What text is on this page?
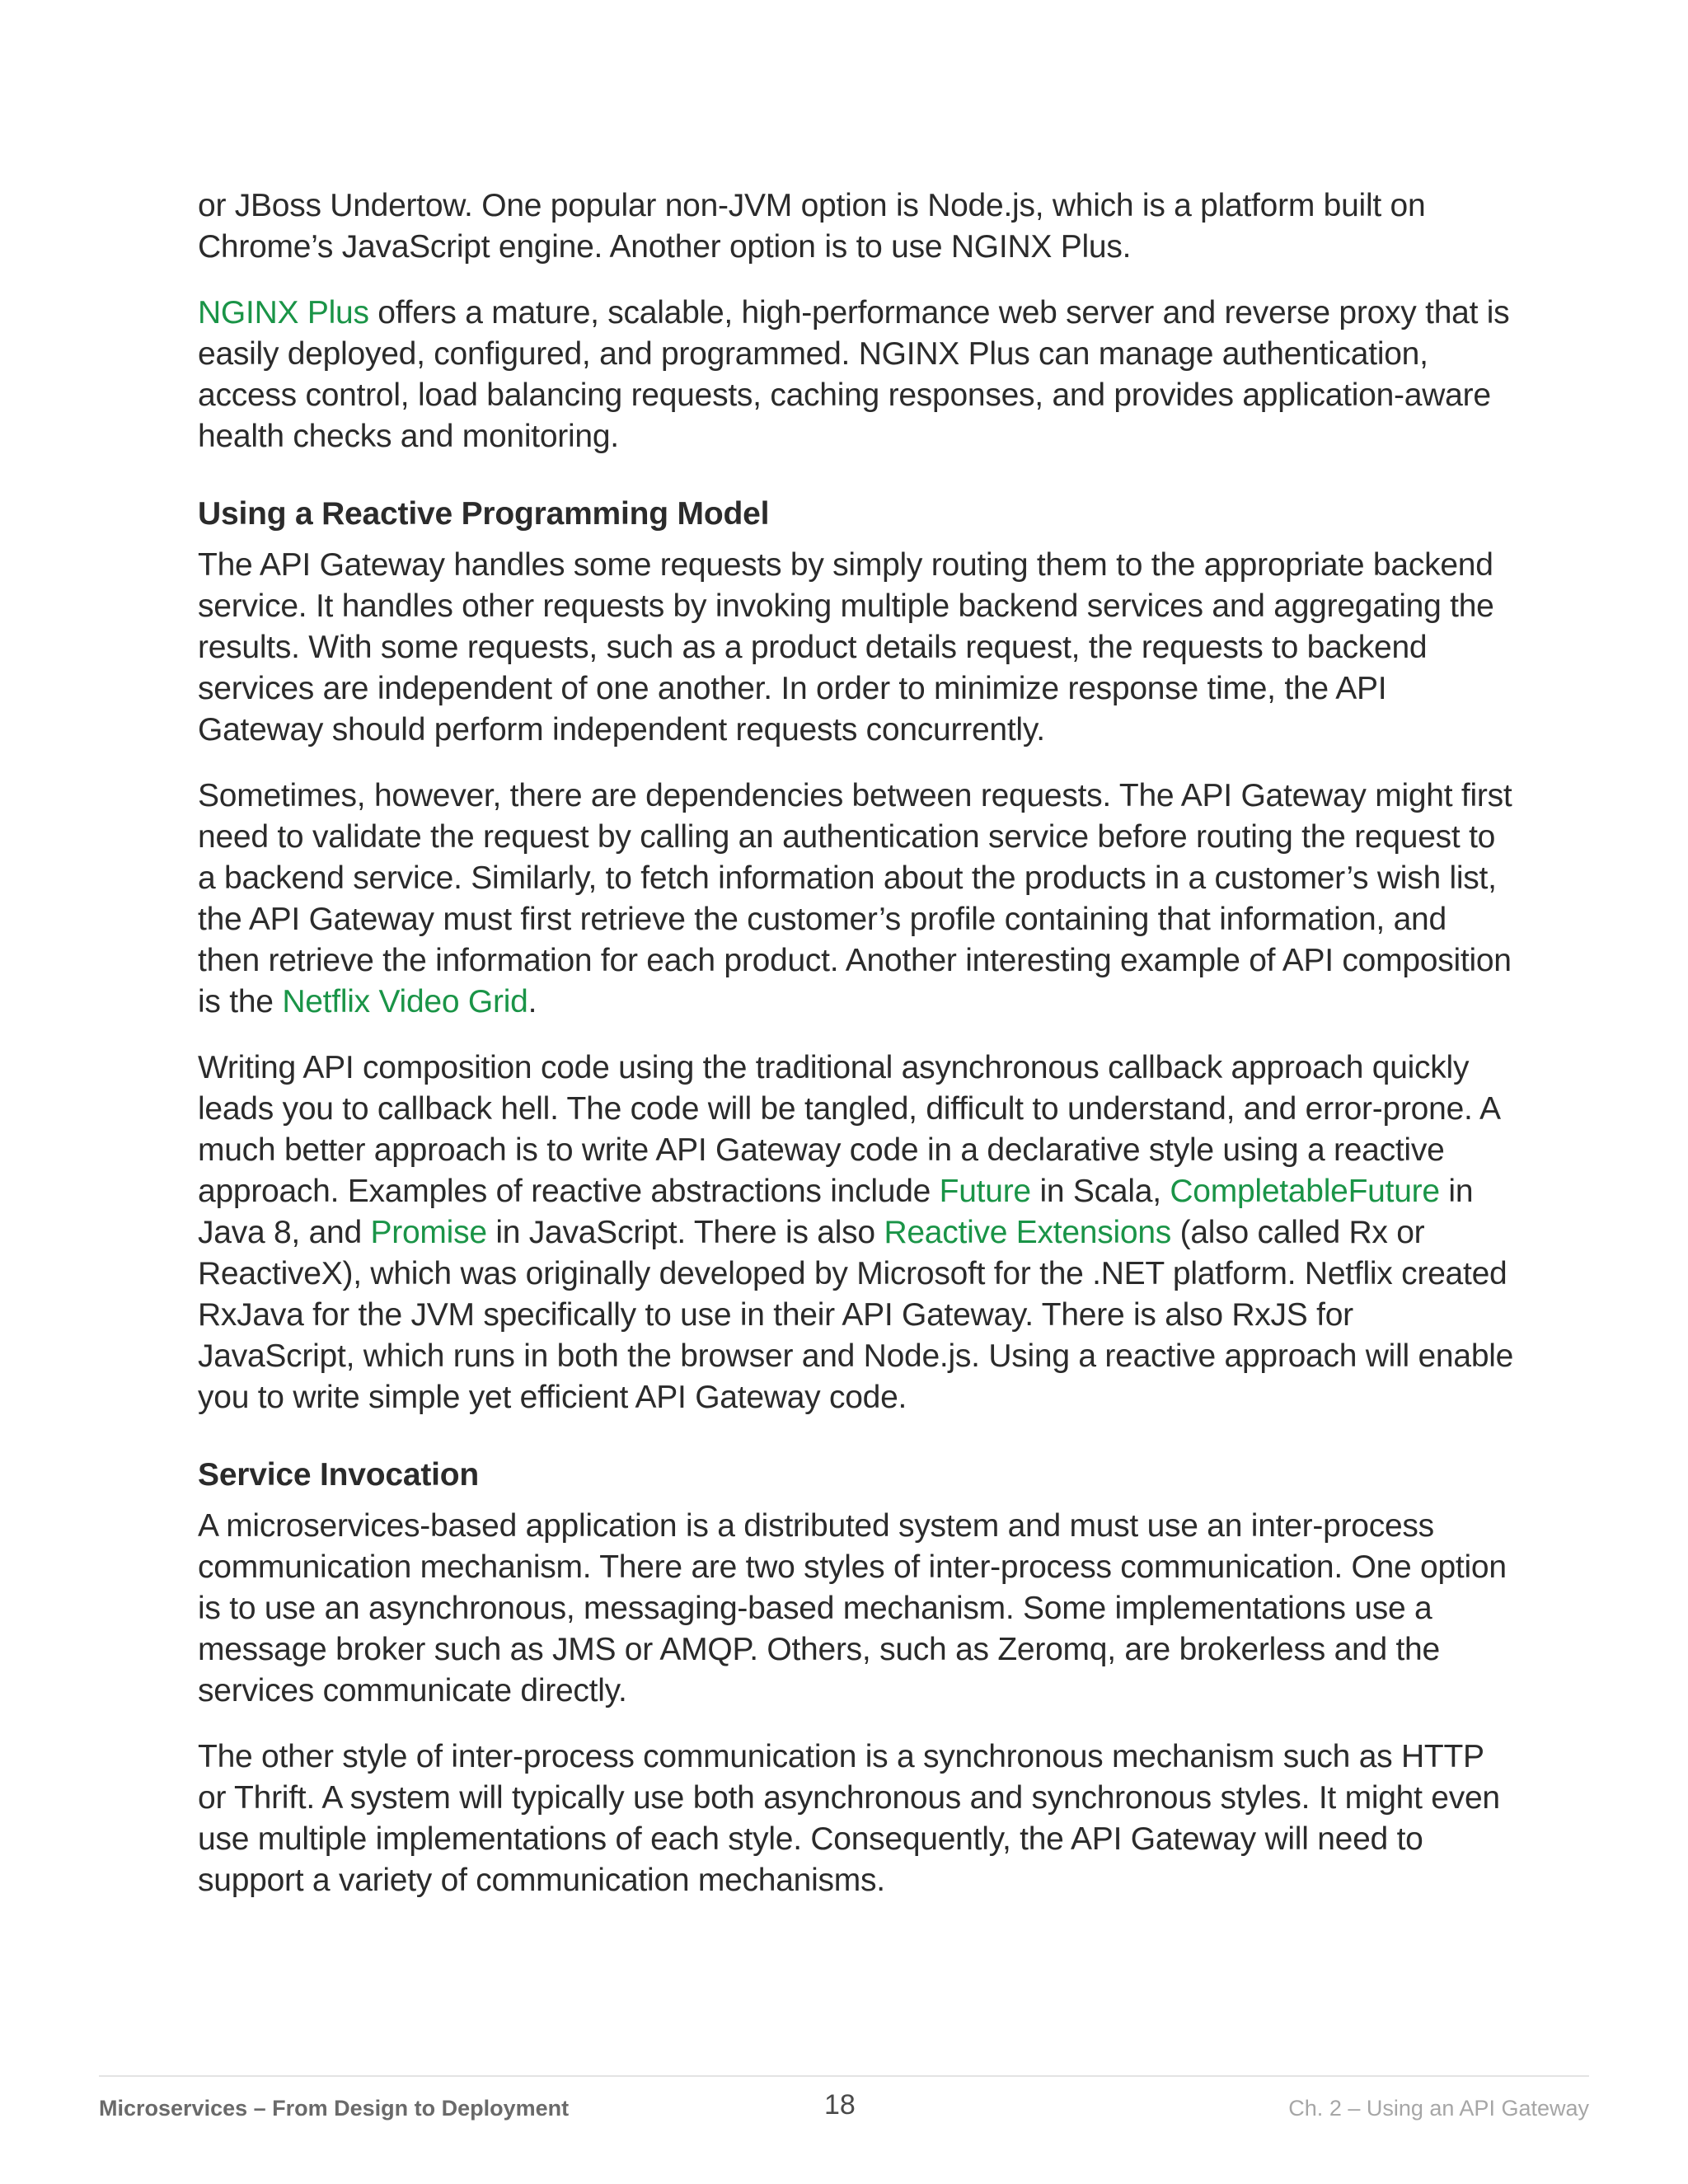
or JBoss Undertow. One popular non-JVM option is Node.js, which is a platform built on Chrome’s JavaScript engine. Another option is to use NGINX Plus.

NGINX Plus offers a mature, scalable, high-performance web server and reverse proxy that is easily deployed, configured, and programmed. NGINX Plus can manage authentication, access control, load balancing requests, caching responses, and provides application-aware health checks and monitoring.

Using a Reactive Programming Model

The API Gateway handles some requests by simply routing them to the appropriate backend service. It handles other requests by invoking multiple backend services and aggregating the results. With some requests, such as a product details request, the requests to backend services are independent of one another. In order to minimize response time, the API Gateway should perform independent requests concurrently.

Sometimes, however, there are dependencies between requests. The API Gateway might first need to validate the request by calling an authentication service before routing the request to a backend service. Similarly, to fetch information about the products in a customer’s wish list, the API Gateway must first retrieve the customer’s profile containing that information, and then retrieve the information for each product. Another interesting example of API composition is the Netflix Video Grid.

Writing API composition code using the traditional asynchronous callback approach quickly leads you to callback hell. The code will be tangled, difficult to understand, and error-prone. A much better approach is to write API Gateway code in a declarative style using a reactive approach. Examples of reactive abstractions include Future in Scala, CompletableFuture in Java 8, and Promise in JavaScript. There is also Reactive Extensions (also called Rx or ReactiveX), which was originally developed by Microsoft for the .NET platform. Netflix created RxJava for the JVM specifically to use in their API Gateway. There is also RxJS for JavaScript, which runs in both the browser and Node.js. Using a reactive approach will enable you to write simple yet efficient API Gateway code.

Service Invocation

A microservices-based application is a distributed system and must use an inter-process communication mechanism. There are two styles of inter-process communication. One option is to use an asynchronous, messaging-based mechanism. Some implementations use a message broker such as JMS or AMQP. Others, such as Zeromq, are brokerless and the services communicate directly.

The other style of inter-process communication is a synchronous mechanism such as HTTP or Thrift. A system will typically use both asynchronous and synchronous styles. It might even use multiple implementations of each style. Consequently, the API Gateway will need to support a variety of communication mechanisms.

Microservices – From Design to Deployment	18	Ch. 2 – Using an API Gateway
